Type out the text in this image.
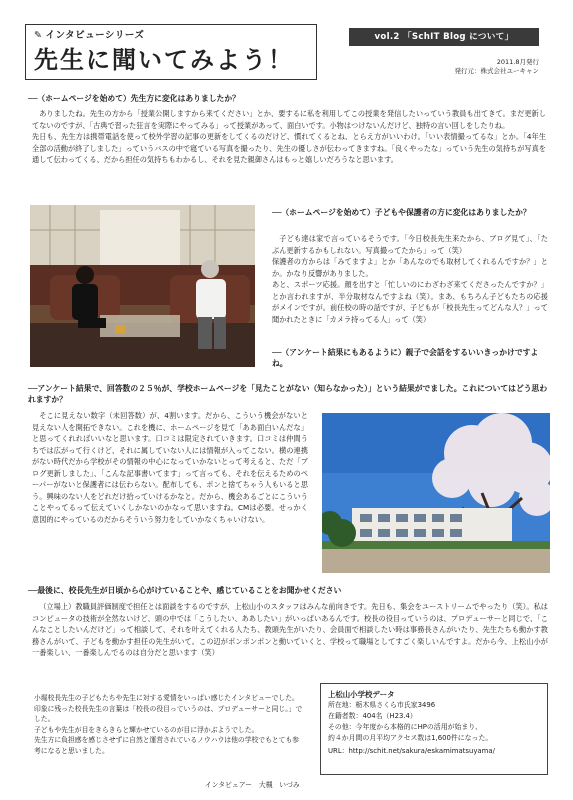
✎ インタビューシリーズ
先生に聞いてみよう！
vol.2 「SchIT Blog について」
2011.8月発行
発行元：株式会社ユーキャン
──（ホームページを始めて）先生方に変化はありましたか？

ありましたね。先生の方から「授業公開しますから来てください」とか、要するに私を利用してこの授業を発信したいっていう教員も出てきて。まだ更新してないのですが、「古典で習った狂言を実際にやってみる」って授業があって、面白いです。小物はつけないんだけど、独特の言い回しをしたりね。

先日も、先生方は携帯電話を使って校外学習の記事の更新をしてくるのだけど、慣れてくるとね、とらえ方がいいわけ。「いい表情撮ってるな」とか。「4年生全部の活動が終了しました」っていうバスの中で寝ている写真を撮ったり、先生の優しさが伝わってきますね。「良くやったな」っていう先生の気持ちが写真を通して伝わってくる、だから担任の気持ちもわかるし、それを見た親御さんはもっと嬉しいだろうなと思います。

──（ホームページを始めて）子どもや保護者の方に変化はありましたか？
子ども達は家で言っているそうです。「今日校長先生来たから、ブログ見て」、「たぶん更新するかもしれない。写真撮ってたから」って（笑）
保護者の方からは「みてますよ」とか「あんなのでも取材してくれるんですか？」とか。かなり反響がありました。
あと、スポーツ応援。顔を出すと「忙しいのにわざわざ来てくださったんですか？」とか言われますが、半分取材なんですよね（笑）。まあ、もちろん子どもたちの応援がメインですが。前任校の時の話ですが、子どもが「校長先生ってどんな人？」って聞かれたときに「カメラ持ってる人」って（笑）
──（アンケート結果にもあるように）親子で会話をするいいきっかけですよね。
──アンケート結果で、回答数の２５％が、学校ホームページを「見たことがない（知らなかった）」という結果がでました。これについてはどう思われますか？
そこに見えない数字（未回答数）が、4割います。だから、こういう機会がないと見えない人を開拓できない。これを機に、ホームページを見て「ああ面白いんだな」と思ってくれればいいなと思います。口コミは限定されていきます。口コミは仲間うちでは広がって行くけど、それに属していない人には情報が入ってこない。横の連携がない時代だから学校がその情報の中心になっていかないとって考えると、ただ「ブログ更新しました」、「こんな記事書いてます」って言っても、それを伝えるためのペーパーがないと保護者には伝わらない。配布しても、ポンと捨てちゃう人もいると思う。興味のない人をどれだけ拾っていけるかなと。だから、機会あるごとにこういうことやってるって伝えていくしかないのかなって思いますね。CMは必要。せっかく意図的にやっているのだからそういう努力をしていかなくちゃいけない。
──最後に、校長先生が日頃から心がけていることや、感じていることをお聞かせください
（立場上）教職員評価制度で担任とは面談をするのですが、上松山小のスタッフはみんな前向きです。先日も、集会をユーストリームでやったり（笑）。私はコンピュータの技術が全然ないけど、頭の中では「こうしたい、ああしたい」がいっぱいあるんです。校長の役目っていうのは、プロデューサーと同じで、「こんなことしたいんだけど」って相談して、それを叶えてくれる人たち、教頭先生がいたり、会員面で相談したい時は事務長さんがいたり、先生たちも動かす教務さんがいて、子どもを動かす担任の先生がいて。この辺がポンポンポンと動いていくと、学校って職場としてすごく楽しいんですよ。だから今、上松山小が一番楽しい、一番楽しんでるのは自分だと思います（笑）
小堀校長先生の子どもたちや先生に対する愛情をいっぱい感じたインタビューでした。印象に残った校長先生の言葉は「校長の役目っていうのは、プロデューサーと同じ。」でした。
子どもや先生が目をきらきらと輝かせているのが目に浮かぶようでした。
先生方に負担感を感じさせずに自然と運営されているノウハウは他の学校でもとても参考になると思いました。
インタビュアー　大槻　いづみ
上松山小学校データ
所在地：栃木県さくら市氏家3496
在籍者数：404名（H23.4）
その他：今年度から本格的にHPの活用が始まり、
約４か月間の月平均アクセス数は1,600件になった。
URL：http://schit.net/sakura/eskamimatsuyama/
